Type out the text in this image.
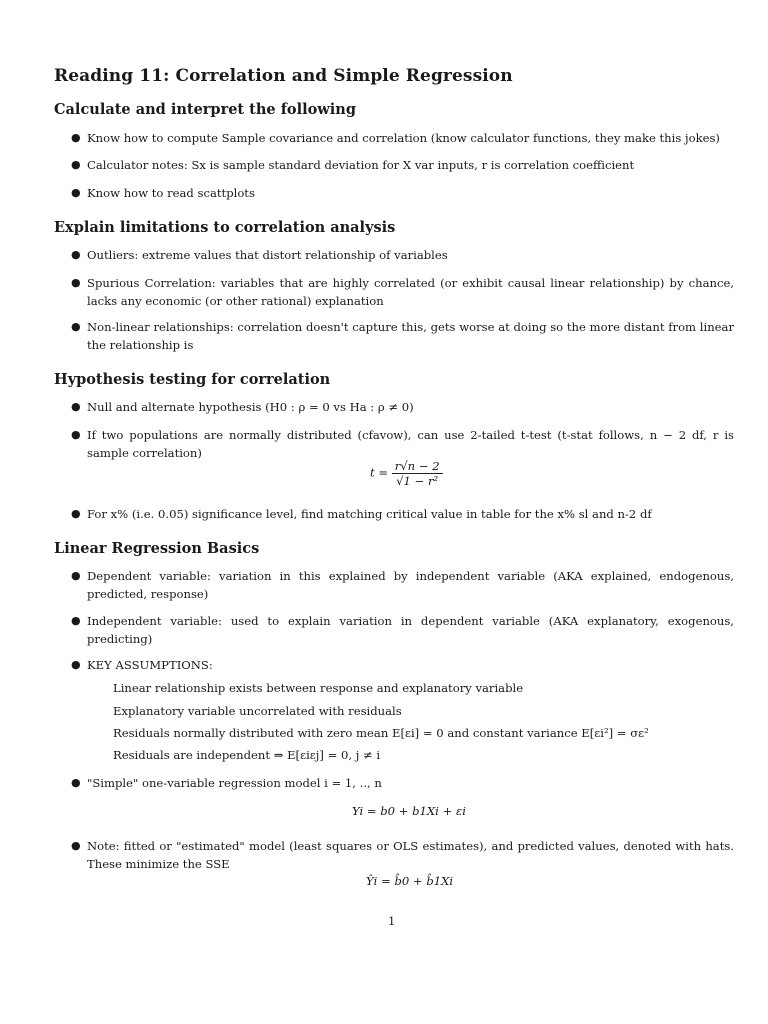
Reading 11: Correlation and Simple Regression
Calculate and interpret the following
● Know how to compute Sample covariance and correlation (know calculator functions, they make this jokes)
● Calculator notes: Sx is sample standard deviation for X var inputs, r is correlation coefficient
● Know how to read scattplots
Explain limitations to correlation analysis
● Outliers: extreme values that distort relationship of variables
● Spurious Correlation: variables that are highly correlated (or exhibit causal linear relationship) by chance, lacks any economic (or other rational) explanation
● Non-linear relationships: correlation doesn't capture this, gets worse at doing so the more distant from linear the relationship is
Hypothesis testing for correlation
● Null and alternate hypothesis (H0 : ρ = 0 vs Ha : ρ ≠ 0)
● If two populations are normally distributed (cfavow), can use 2-tailed t-test (t-stat follows, n − 2 df, r is sample correlation)
$t = \frac{r√n - 2}{\text{√1 − r²}}$
● For x% (i.e. 0.05) significance level, find matching critical value in table for the x% sl and n-2 df
Linear Regression Basics
● Dependent variable: variation in this explained by independent variable (AKA explained, endogenous, predicted, response)
● Independent variable: used to explain variation in dependent variable (AKA explanatory, exogenous, predicting)
● KEY ASSUMPTIONS:
Linear relationship exists between response and explanatory variable
Explanatory variable uncorrelated with residuals
Residuals normally distributed with zero mean E[εi] = 0 and constant variance E[εi²] = σε²
Residuals are independent ⇒ E[εiεj] = 0, j ≠ i
● "Simple" one-variable regression model i = 1, .., n
Yi = b0 + b1Xi + εi
● Note: fitted or "estimated" model (least squares or OLS estimates), and predicted values, denoted with hats. These minimize the SSE
Ŷi = b̂0 + b̂1Xi
1
